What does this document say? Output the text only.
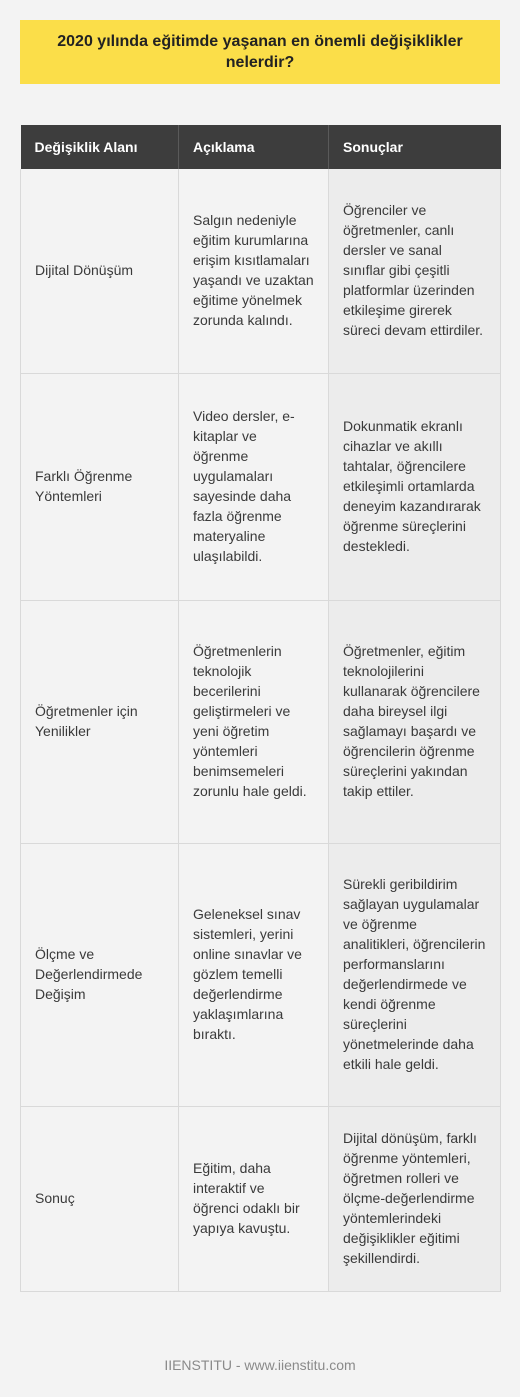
2020 yılında eğitimde yaşanan en önemli değişiklikler nelerdir?
Değişiklik Alanı	Açıklama	Sonuçlar
Dijital Dönüşüm	Salgın nedeniyle eğitim kurumlarına erişim kısıtlamaları yaşandı ve uzaktan eğitime yönelmek zorunda kalındı.	Öğrenciler ve öğretmenler, canlı dersler ve sanal sınıflar gibi çeşitli platformlar üzerinden etkileşime girerek süreci devam ettirdiler.
Farklı Öğrenme Yöntemleri	Video dersler, e-kitaplar ve öğrenme uygulamaları sayesinde daha fazla öğrenme materyaline ulaşılabildi.	Dokunmatik ekranlı cihazlar ve akıllı tahtalar, öğrencilere etkileşimli ortamlarda deneyim kazandırarak öğrenme süreçlerini destekledi.
Öğretmenler için Yenilikler	Öğretmenlerin teknolojik becerilerini geliştirmeleri ve yeni öğretim yöntemleri benimsemeleri zorunlu hale geldi.	Öğretmenler, eğitim teknolojilerini kullanarak öğrencilere daha bireysel ilgi sağlamayı başardı ve öğrencilerin öğrenme süreçlerini yakından takip ettiler.
Ölçme ve Değerlendirmede Değişim	Geleneksel sınav sistemleri, yerini online sınavlar ve gözlem temelli değerlendirme yaklaşımlarına bıraktı.	Sürekli geribildirim sağlayan uygulamalar ve öğrenme analitikleri, öğrencilerin performanslarını değerlendirmede ve kendi öğrenme süreçlerini yönetmelerinde daha etkili hale geldi.
Sonuç	Eğitim, daha interaktif ve öğrenci odaklı bir yapıya kavuştu.	Dijital dönüşüm, farklı öğrenme yöntemleri, öğretmen rolleri ve ölçme-değerlendirme yöntemlerindeki değişiklikler eğitimi şekillendirdi.
IIENSTITU - www.iienstitu.com
